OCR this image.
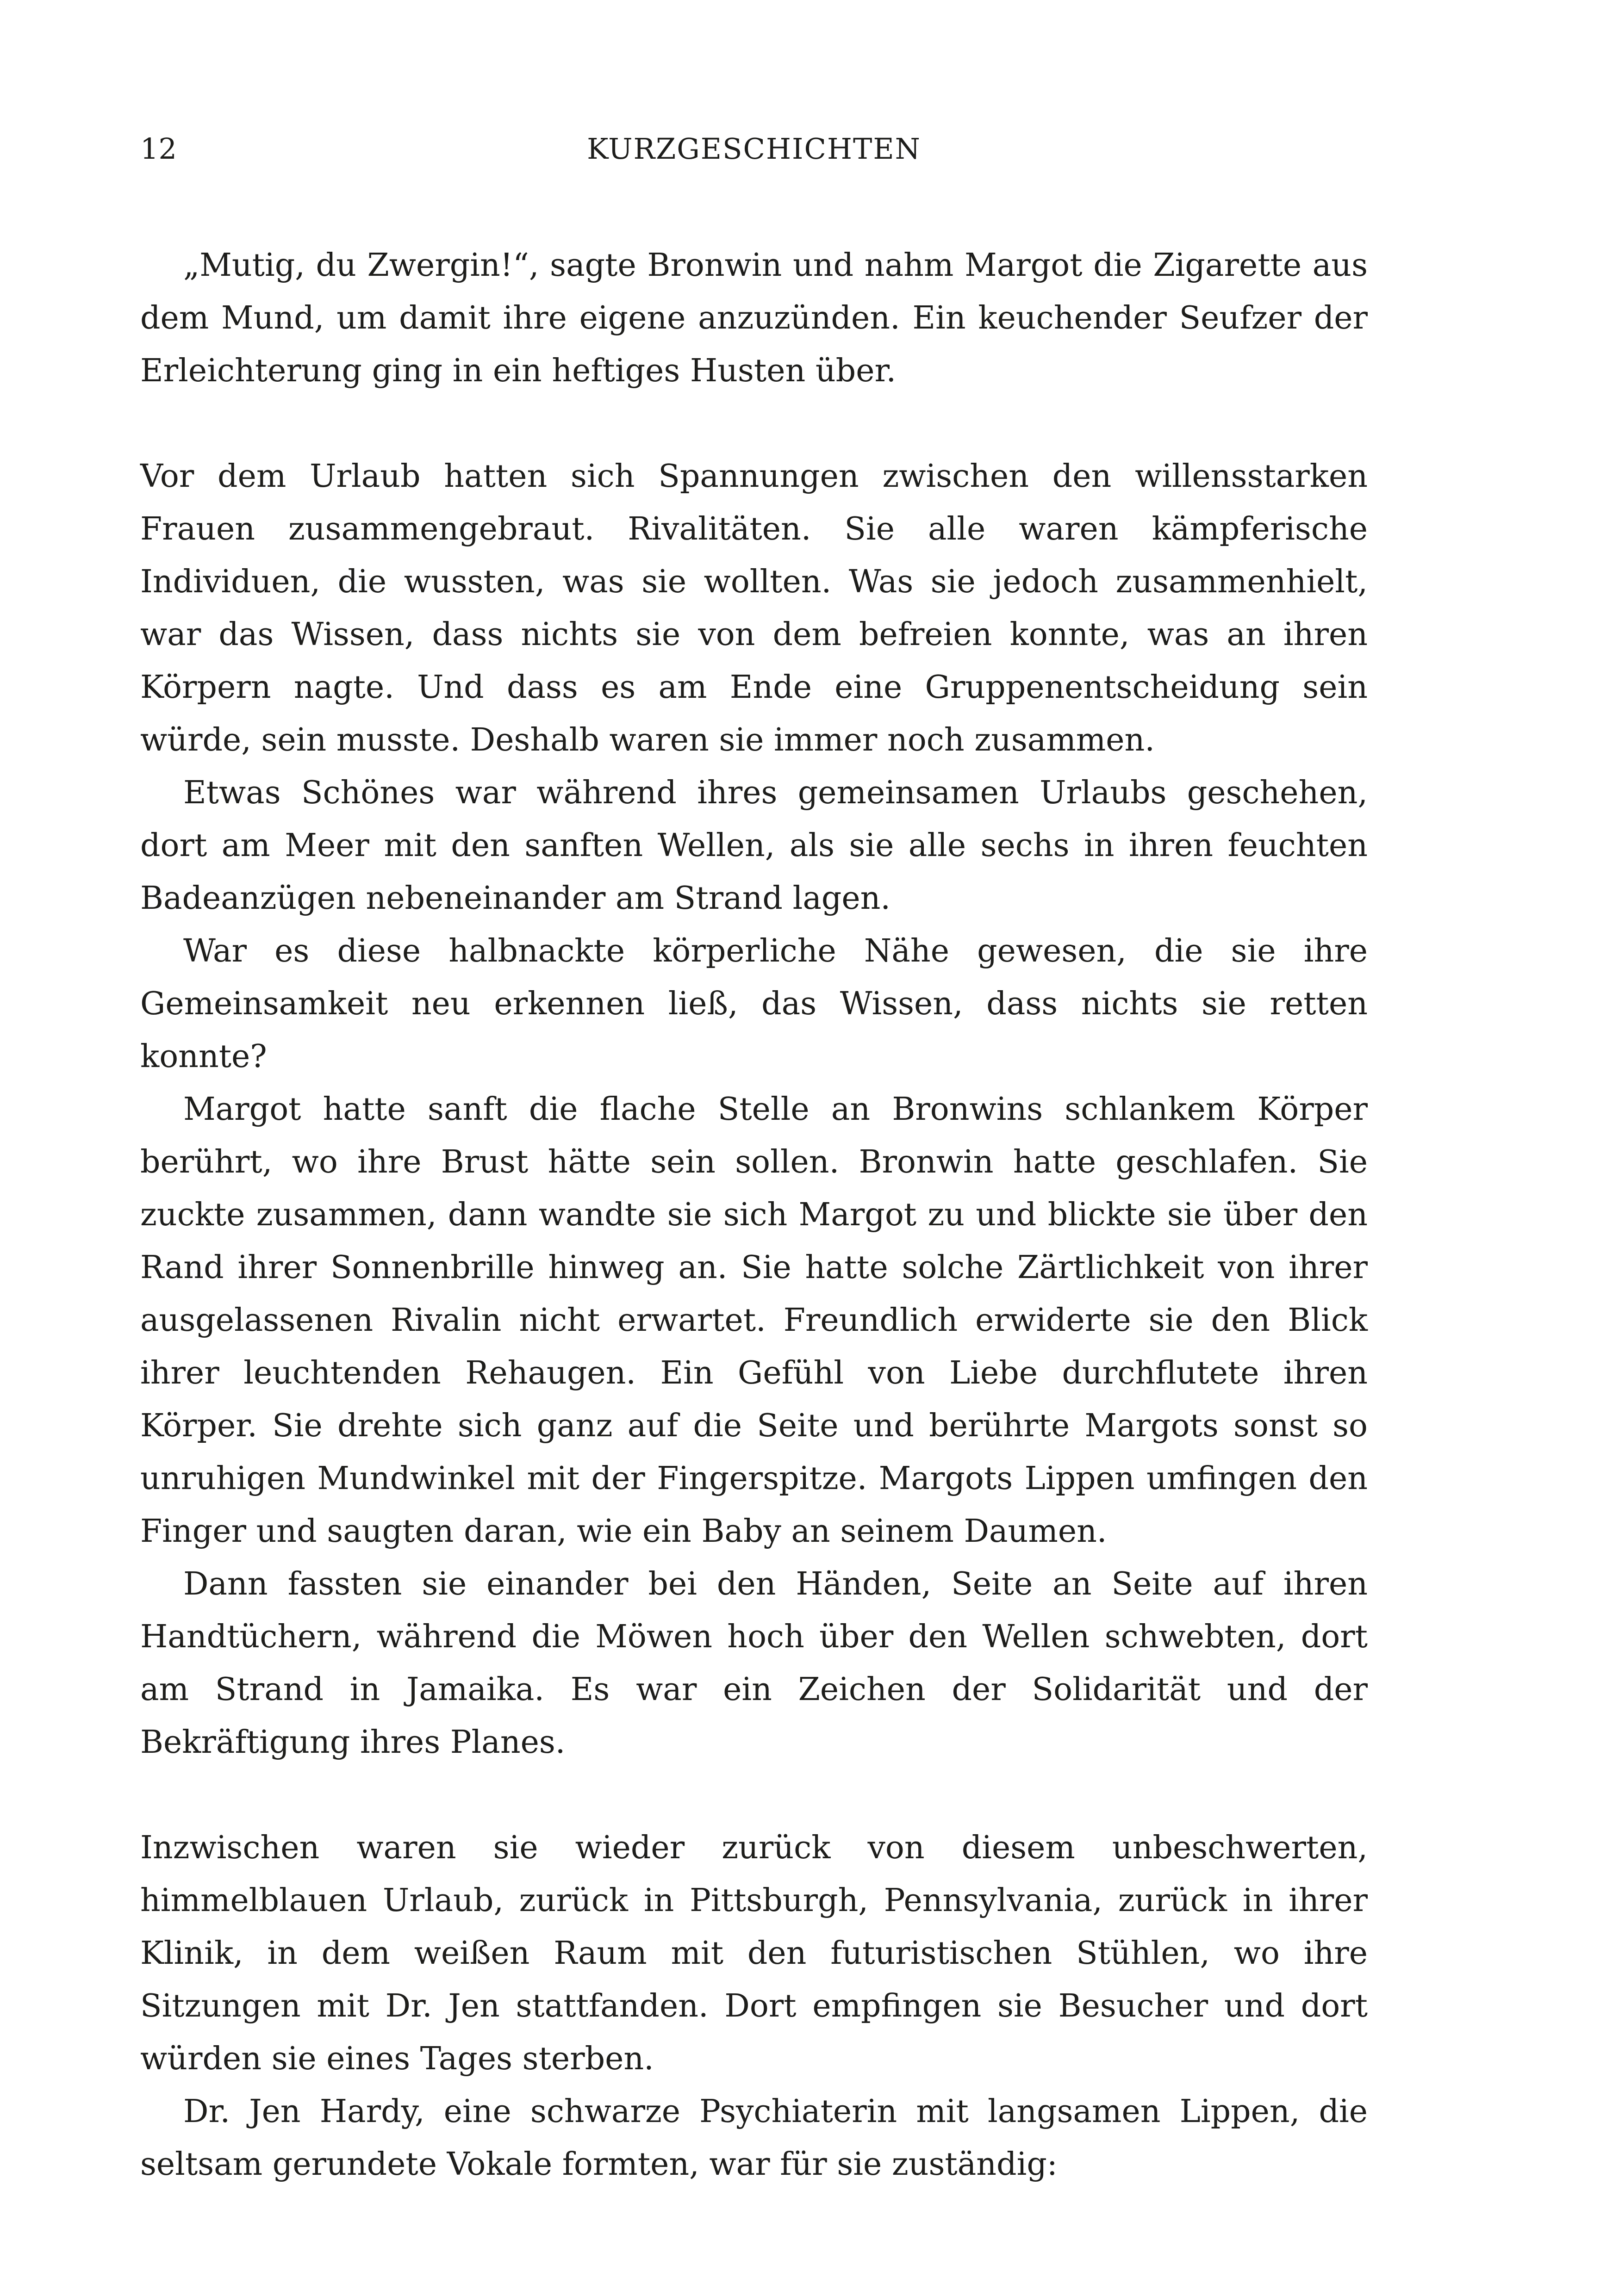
12	KURZGESCHICHTEN

„Mutig, du Zwergin!“, sagte Bronwin und nahm Margot die Zigarette aus dem Mund, um damit ihre eigene anzuzünden. Ein keuchender Seufzer der Erleichterung ging in ein heftiges Husten über.

Vor dem Urlaub hatten sich Spannungen zwischen den willensstarken Frauen zusammengebraut. Rivalitäten. Sie alle waren kämpferische Individuen, die wussten, was sie wollten. Was sie jedoch zusammenhielt, war das Wissen, dass nichts sie von dem befreien konnte, was an ihren Körpern nagte. Und dass es am Ende eine Gruppenentscheidung sein würde, sein musste. Deshalb waren sie immer noch zusammen.

Etwas Schönes war während ihres gemeinsamen Urlaubs geschehen, dort am Meer mit den sanften Wellen, als sie alle sechs in ihren feuchten Badeanzügen nebeneinander am Strand lagen.

War es diese halbnackte körperliche Nähe gewesen, die sie ihre Gemeinsamkeit neu erkennen ließ, das Wissen, dass nichts sie retten konnte?

Margot hatte sanft die flache Stelle an Bronwins schlankem Körper berührt, wo ihre Brust hätte sein sollen. Bronwin hatte geschlafen. Sie zuckte zusammen, dann wandte sie sich Margot zu und blickte sie über den Rand ihrer Sonnenbrille hinweg an. Sie hatte solche Zärtlichkeit von ihrer ausgelassenen Rivalin nicht erwartet. Freundlich erwiderte sie den Blick ihrer leuchtenden Rehaugen. Ein Gefühl von Liebe durchflutete ihren Körper. Sie drehte sich ganz auf die Seite und berührte Margots sonst so unruhigen Mundwinkel mit der Fingerspitze. Margots Lippen umfingen den Finger und saugten daran, wie ein Baby an seinem Daumen.

Dann fassten sie einander bei den Händen, Seite an Seite auf ihren Handtüchern, während die Möwen hoch über den Wellen schwebten, dort am Strand in Jamaika. Es war ein Zeichen der Solidarität und der Bekräftigung ihres Planes.

Inzwischen waren sie wieder zurück von diesem unbeschwerten, himmelblauen Urlaub, zurück in Pittsburgh, Pennsylvania, zurück in ihrer Klinik, in dem weißen Raum mit den futuristischen Stühlen, wo ihre Sitzungen mit Dr. Jen stattfanden. Dort empfingen sie Besucher und dort würden sie eines Tages sterben.

Dr. Jen Hardy, eine schwarze Psychiaterin mit langsamen Lippen, die seltsam gerundete Vokale formten, war für sie zuständig:
